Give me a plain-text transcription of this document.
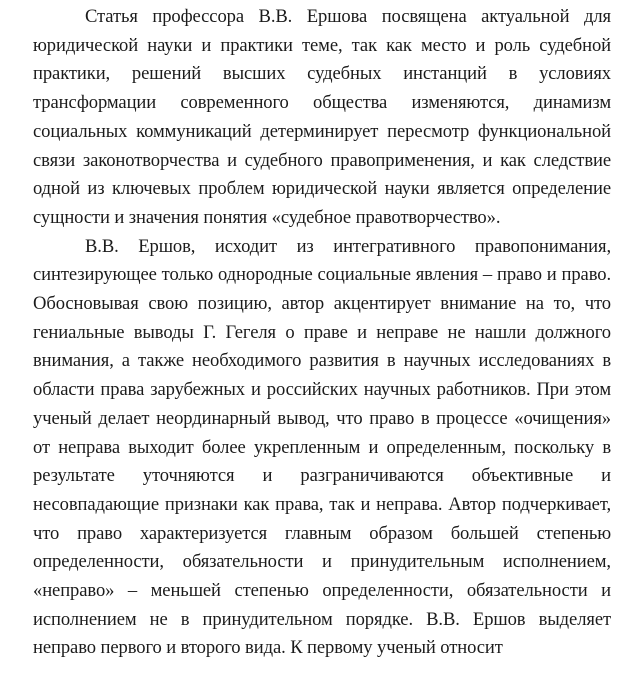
Статья профессора В.В. Ершова посвящена актуальной для юридической науки и практики теме, так как место и роль судебной практики, решений высших судебных инстанций в условиях трансформации современного общества изменяются, динамизм социальных коммуникаций детерминирует пересмотр функциональной связи законотворчества и судебного правоприменения, и как следствие одной из ключевых проблем юридической науки является определение сущности и значения понятия «судебное правотворчество».

В.В. Ершов, исходит из интегративного правопонимания, синтезирующее только однородные социальные явления – право и право. Обосновывая свою позицию, автор акцентирует внимание на то, что гениальные выводы Г. Гегеля о праве и неправе не нашли должного внимания, а также необходимого развития в научных исследованиях в области права зарубежных и российских научных работников. При этом ученый делает неординарный вывод, что право в процессе «очищения» от неправа выходит более укрепленным и определенным, поскольку в результате уточняются и разграничиваются объективные и несовпадающие признаки как права, так и неправа. Автор подчеркивает, что право характеризуется главным образом большей степенью определенности, обязательности и принудительным исполнением, «неправо» – меньшей степенью определенности, обязательности и исполнением не в принудительном порядке. В.В. Ершов выделяет неправо первого и второго вида. К первому ученый относит
